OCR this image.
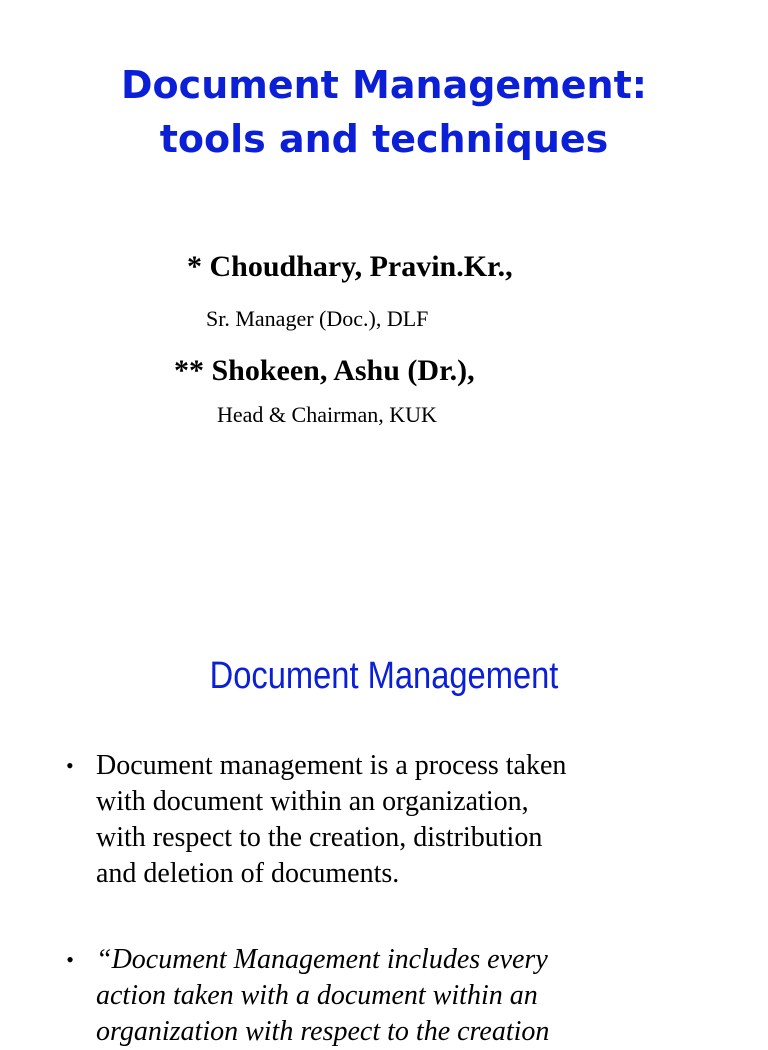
Document Management:
tools and techniques
* Choudhary, Pravin.Kr.,
Sr. Manager (Doc.), DLF
** Shokeen, Ashu (Dr.),
Head & Chairman, KUK
Document Management
• Document management is a process taken
with document within an organization,
with respect to the creation, distribution
and deletion of documents.
• “Document Management includes every
action taken with a document within an
organization with respect to the creation
